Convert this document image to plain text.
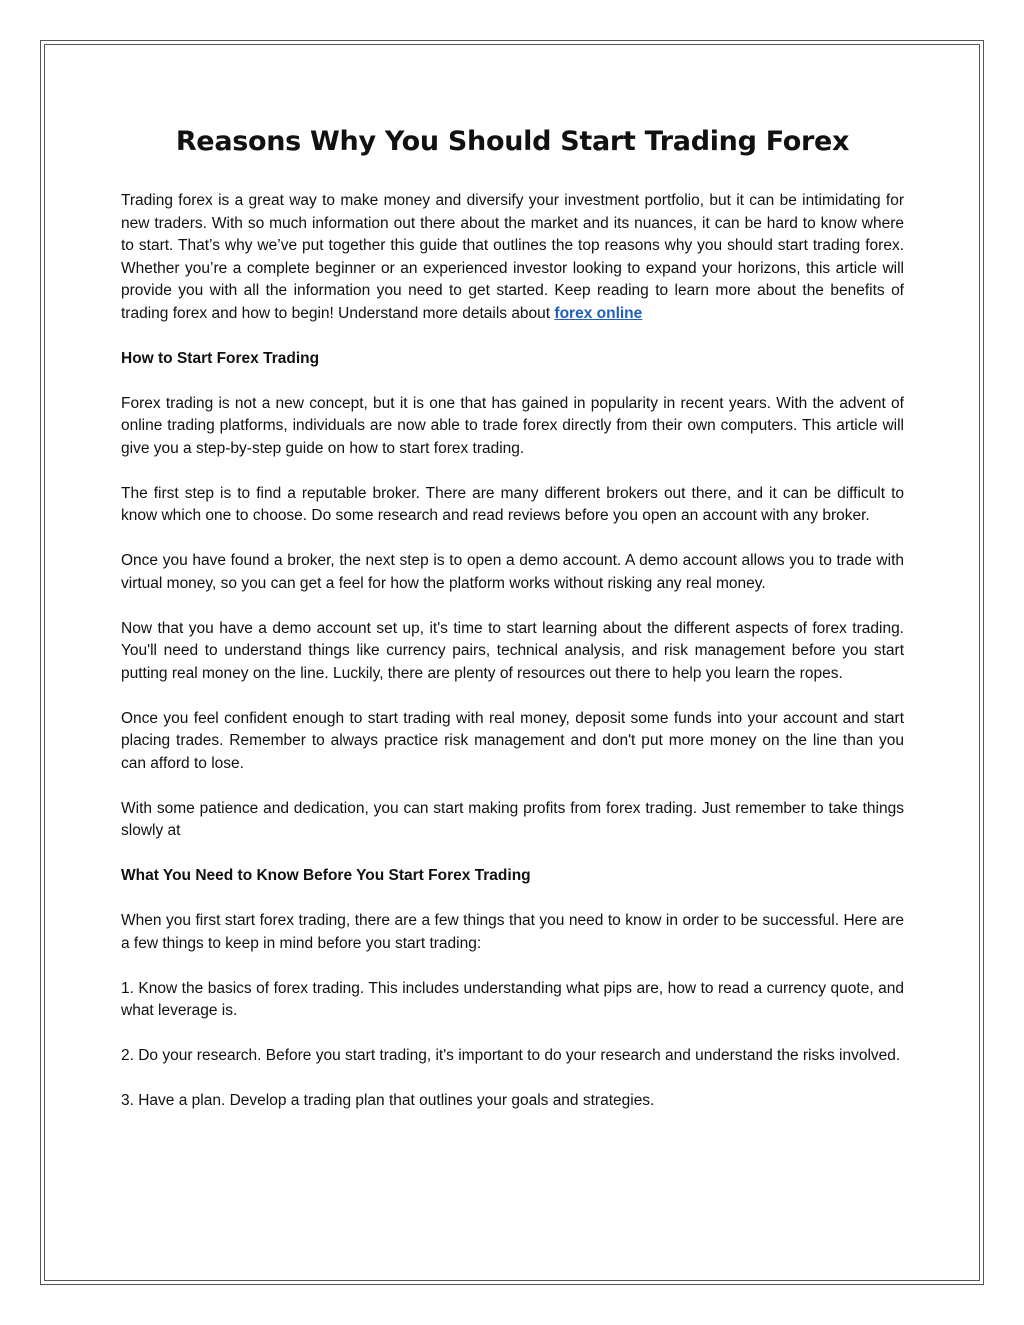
Reasons Why You Should Start Trading Forex

Trading forex is a great way to make money and diversify your investment portfolio, but it can be intimidating for new traders. With so much information out there about the market and its nuances, it can be hard to know where to start. That’s why we’ve put together this guide that outlines the top reasons why you should start trading forex. Whether you’re a complete beginner or an experienced investor looking to expand your horizons, this article will provide you with all the information you need to get started. Keep reading to learn more about the benefits of trading forex and how to begin! Understand more details about forex online

How to Start Forex Trading

Forex trading is not a new concept, but it is one that has gained in popularity in recent years. With the advent of online trading platforms, individuals are now able to trade forex directly from their own computers. This article will give you a step-by-step guide on how to start forex trading.

The first step is to find a reputable broker. There are many different brokers out there, and it can be difficult to know which one to choose. Do some research and read reviews before you open an account with any broker.

Once you have found a broker, the next step is to open a demo account. A demo account allows you to trade with virtual money, so you can get a feel for how the platform works without risking any real money.

Now that you have a demo account set up, it's time to start learning about the different aspects of forex trading. You'll need to understand things like currency pairs, technical analysis, and risk management before you start putting real money on the line. Luckily, there are plenty of resources out there to help you learn the ropes.

Once you feel confident enough to start trading with real money, deposit some funds into your account and start placing trades. Remember to always practice risk management and don't put more money on the line than you can afford to lose.

With some patience and dedication, you can start making profits from forex trading. Just remember to take things slowly at

What You Need to Know Before You Start Forex Trading

When you first start forex trading, there are a few things that you need to know in order to be successful. Here are a few things to keep in mind before you start trading:

1. Know the basics of forex trading. This includes understanding what pips are, how to read a currency quote, and what leverage is.

2. Do your research. Before you start trading, it's important to do your research and understand the risks involved.

3. Have a plan. Develop a trading plan that outlines your goals and strategies.
